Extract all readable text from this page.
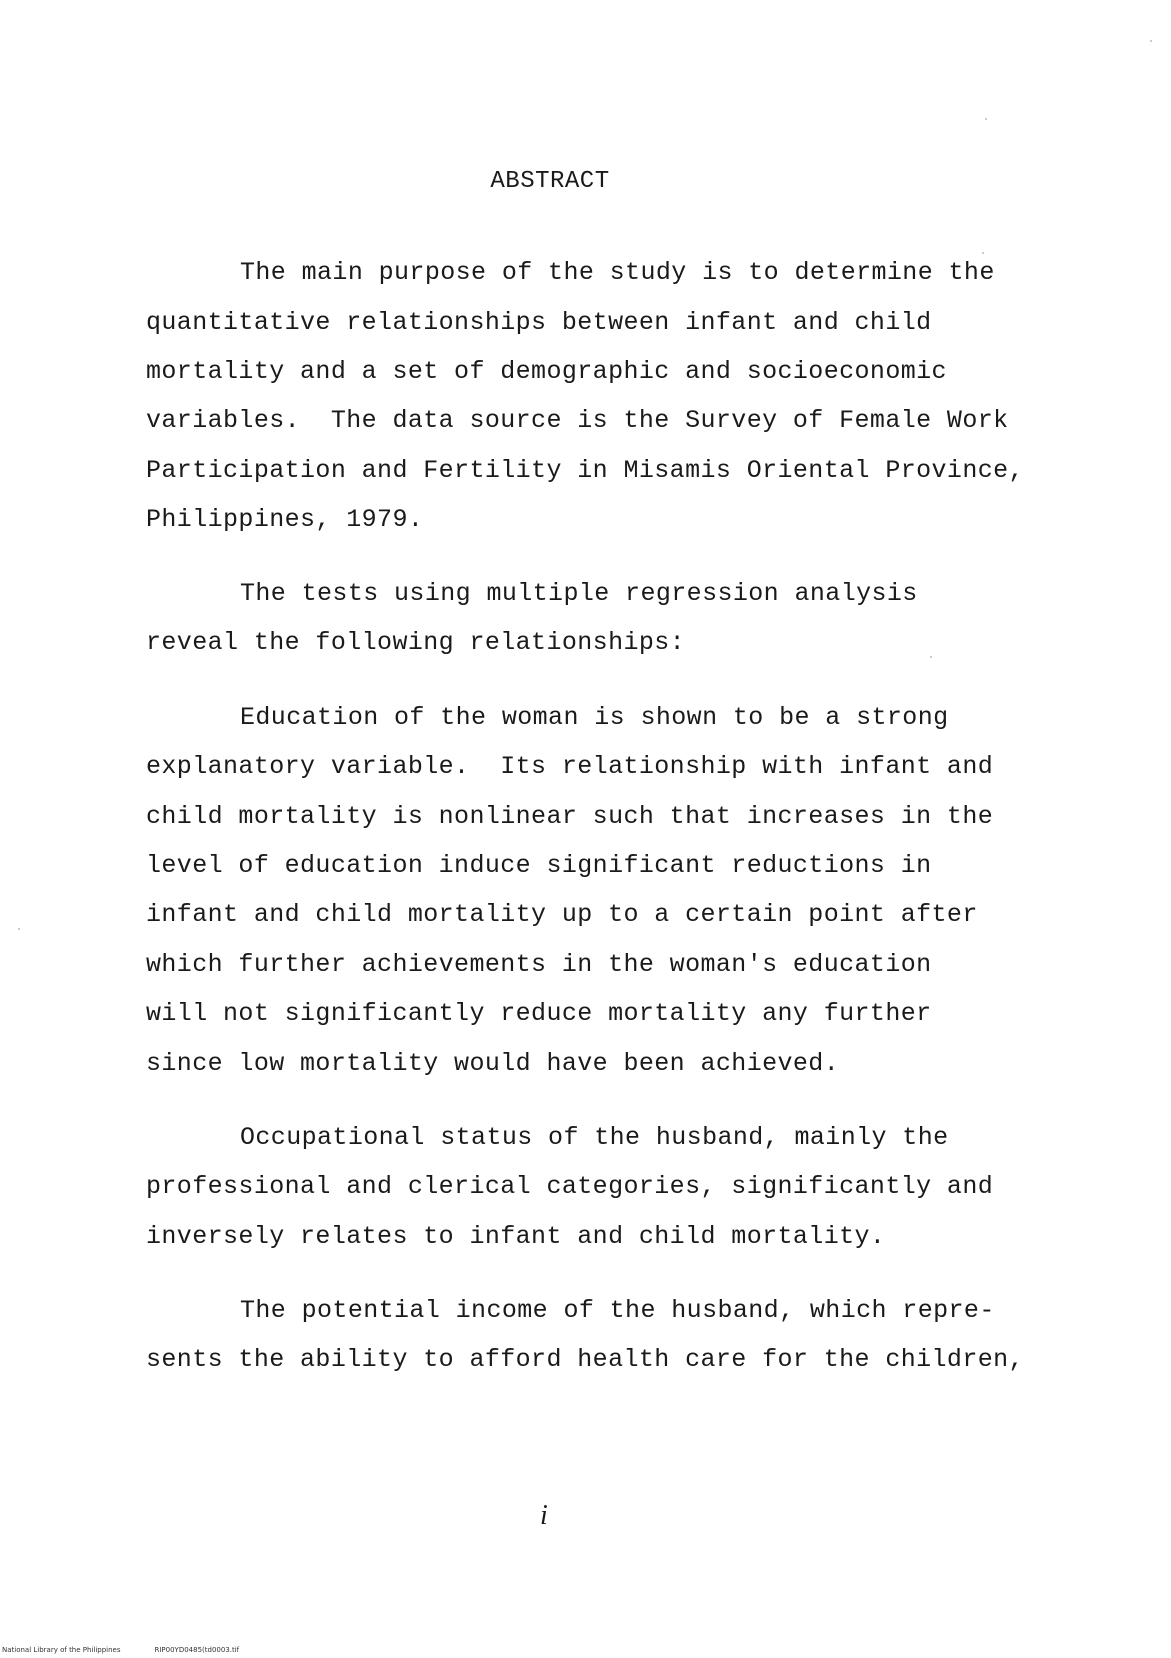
ABSTRACT
The main purpose of the study is to determine the
quantitative relationships between infant and child
mortality and a set of demographic and socioeconomic
variables.  The data source is the Survey of Female Work
Participation and Fertility in Misamis Oriental Province,
Philippines, 1979.
The tests using multiple regression analysis
reveal the following relationships:
Education of the woman is shown to be a strong
explanatory variable.  Its relationship with infant and
child mortality is nonlinear such that increases in the
level of education induce significant reductions in
infant and child mortality up to a certain point after
which further achievements in the woman's education
will not significantly reduce mortality any further
since low mortality would have been achieved.
Occupational status of the husband, mainly the
professional and clerical categories, significantly and
inversely relates to infant and child mortality.
The potential income of the husband, which repre-
sents the ability to afford health care for the children,
i
National Library of the Philippines	RIP00YD0485(td0003.tif
